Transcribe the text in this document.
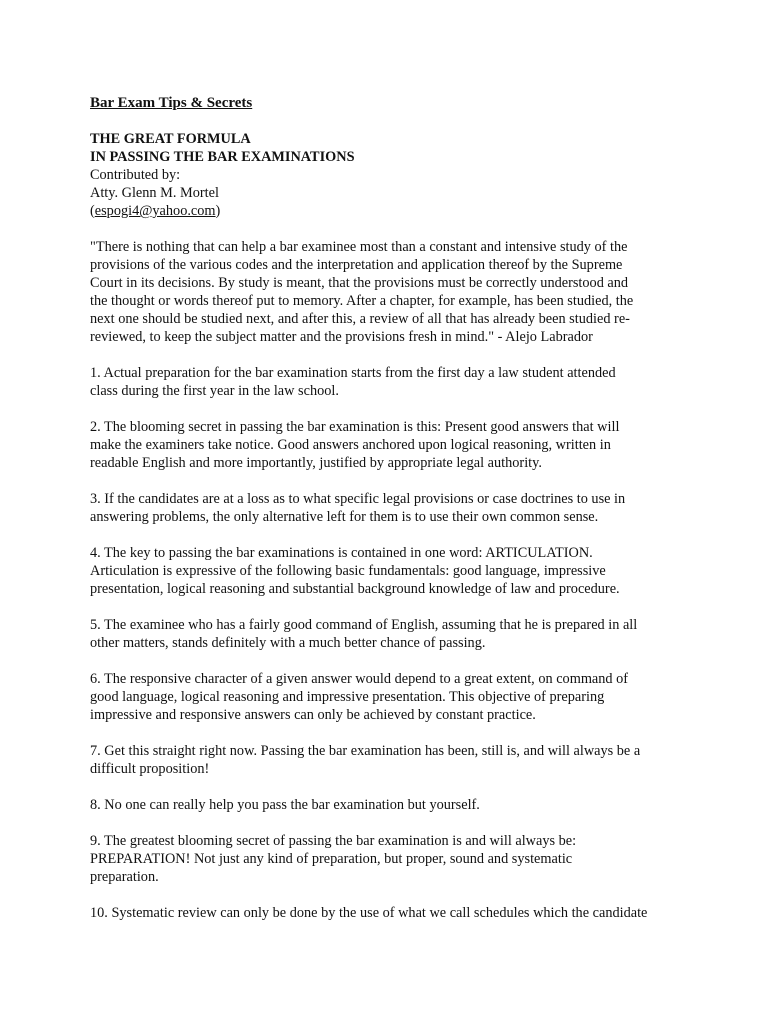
Bar Exam Tips & Secrets
THE GREAT FORMULA
IN PASSING THE BAR EXAMINATIONS
Contributed by:
Atty. Glenn M. Mortel
(espogi4@yahoo.com)
"There is nothing that can help a bar examinee most than a constant and intensive study of the
provisions of the various codes and the interpretation and application thereof by the Supreme
Court in its decisions. By study is meant, that the provisions must be correctly understood and
the thought or words thereof put to memory. After a chapter, for example, has been studied, the
next one should be studied next, and after this, a review of all that has already been studied re-
reviewed, to keep the subject matter and the provisions fresh in mind." - Alejo Labrador
1. Actual preparation for the bar examination starts from the first day a law student attended
class during the first year in the law school.
2. The blooming secret in passing the bar examination is this: Present good answers that will
make the examiners take notice. Good answers anchored upon logical reasoning, written in
readable English and more importantly, justified by appropriate legal authority.
3. If the candidates are at a loss as to what specific legal provisions or case doctrines to use in
answering problems, the only alternative left for them is to use their own common sense.
4. The key to passing the bar examinations is contained in one word: ARTICULATION.
Articulation is expressive of the following basic fundamentals: good language, impressive
presentation, logical reasoning and substantial background knowledge of law and procedure.
5. The examinee who has a fairly good command of English, assuming that he is prepared in all
other matters, stands definitely with a much better chance of passing.
6. The responsive character of a given answer would depend to a great extent, on command of
good language, logical reasoning and impressive presentation. This objective of preparing
impressive and responsive answers can only be achieved by constant practice.
7. Get this straight right now. Passing the bar examination has been, still is, and will always be a
difficult proposition!
8. No one can really help you pass the bar examination but yourself.
9. The greatest blooming secret of passing the bar examination is and will always be:
PREPARATION! Not just any kind of preparation, but proper, sound and systematic
preparation.
10. Systematic review can only be done by the use of what we call schedules which the candidate
